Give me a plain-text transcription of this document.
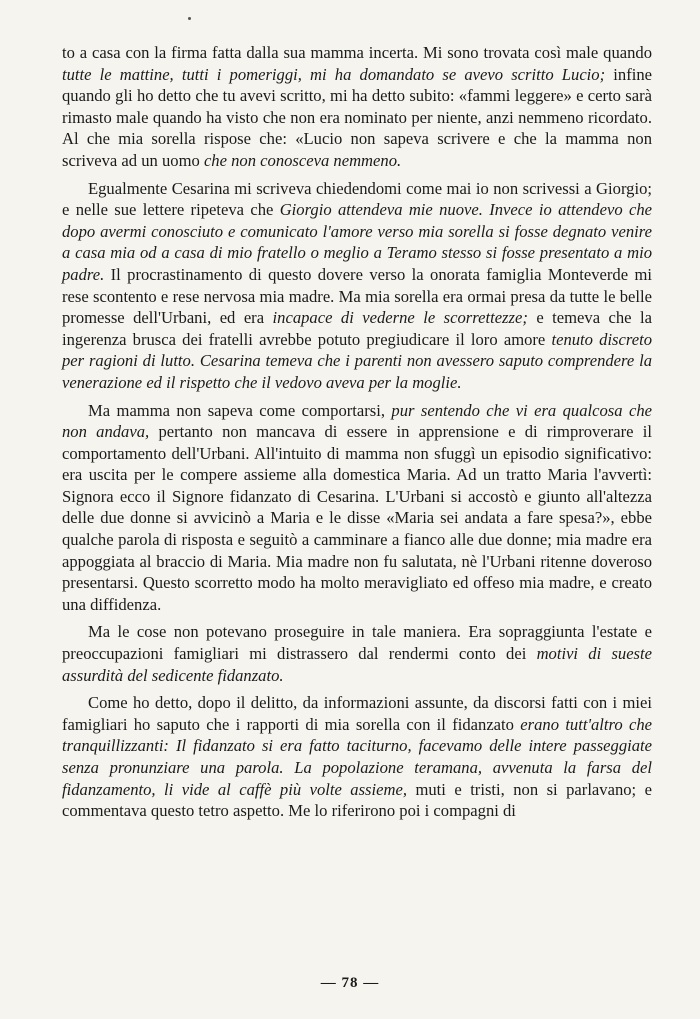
to a casa con la firma fatta dalla sua mamma incerta. Mi sono trovata così male quando tutte le mattine, tutti i pomeriggi, mi ha domandato se avevo scritto Lucio; infine quando gli ho detto che tu avevi scritto, mi ha detto subito: «fammi leggere» e certo sarà rimasto male quando ha visto che non era nominato per niente, anzi nemmeno ricordato. Al che mia sorella rispose che: «Lucio non sapeva scrivere e che la mamma non scriveva ad un uomo che non conosceva nemmeno.

Egualmente Cesarina mi scriveva chiedendomi come mai io non scrivessi a Giorgio; e nelle sue lettere ripeteva che Giorgio attendeva mie nuove. Invece io attendevo che dopo avermi conosciuto e comunicato l'amore verso mia sorella si fosse degnato venire a casa mia od a casa di mio fratello o meglio a Teramo stesso si fosse presentato a mio padre. Il procrastinamento di questo dovere verso la onorata famiglia Monteverde mi rese scontento e rese nervosa mia madre. Ma mia sorella era ormai presa da tutte le belle promesse dell'Urbani, ed era incapace di vederne le scorrettezze; e temeva che la ingerenza brusca dei fratelli avrebbe potuto pregiudicare il loro amore tenuto discreto per ragioni di lutto. Cesarina temeva che i parenti non avessero saputo comprendere la venerazione ed il rispetto che il vedovo aveva per la moglie.

Ma mamma non sapeva come comportarsi, pur sentendo che vi era qualcosa che non andava, pertanto non mancava di essere in apprensione e di rimproverare il comportamento dell'Urbani. All'intuito di mamma non sfuggì un episodio significativo: era uscita per le compere assieme alla domestica Maria. Ad un tratto Maria l'avvertì: Signora ecco il Signore fidanzato di Cesarina. L'Urbani si accostò e giunto all'altezza delle due donne si avvicinò a Maria e le disse «Maria sei andata a fare spesa?», ebbe qualche parola di risposta e seguitò a camminare a fianco alle due donne; mia madre era appoggiata al braccio di Maria. Mia madre non fu salutata, nè l'Urbani ritenne doveroso presentarsi. Questo scorretto modo ha molto meravigliato ed offeso mia madre, e creato una diffidenza.

Ma le cose non potevano proseguire in tale maniera. Era sopraggiunta l'estate e preoccupazioni famigliari mi distrassero dal rendermi conto dei motivi di sueste assurdità del sedicente fidanzato.

Come ho detto, dopo il delitto, da informazioni assunte, da discorsi fatti con i miei famigliari ho saputo che i rapporti di mia sorella con il fidanzato erano tutt'altro che tranquillizzanti: Il fidanzato si era fatto taciturno, facevamo delle intere passeggiate senza pronunziare una parola. La popolazione teramana, avvenuta la farsa del fidanzamento, li vide al caffè più volte assieme, muti e tristi, non si parlavano; e commentava questo tetro aspetto. Me lo riferirono poi i compagni di

— 78 —
